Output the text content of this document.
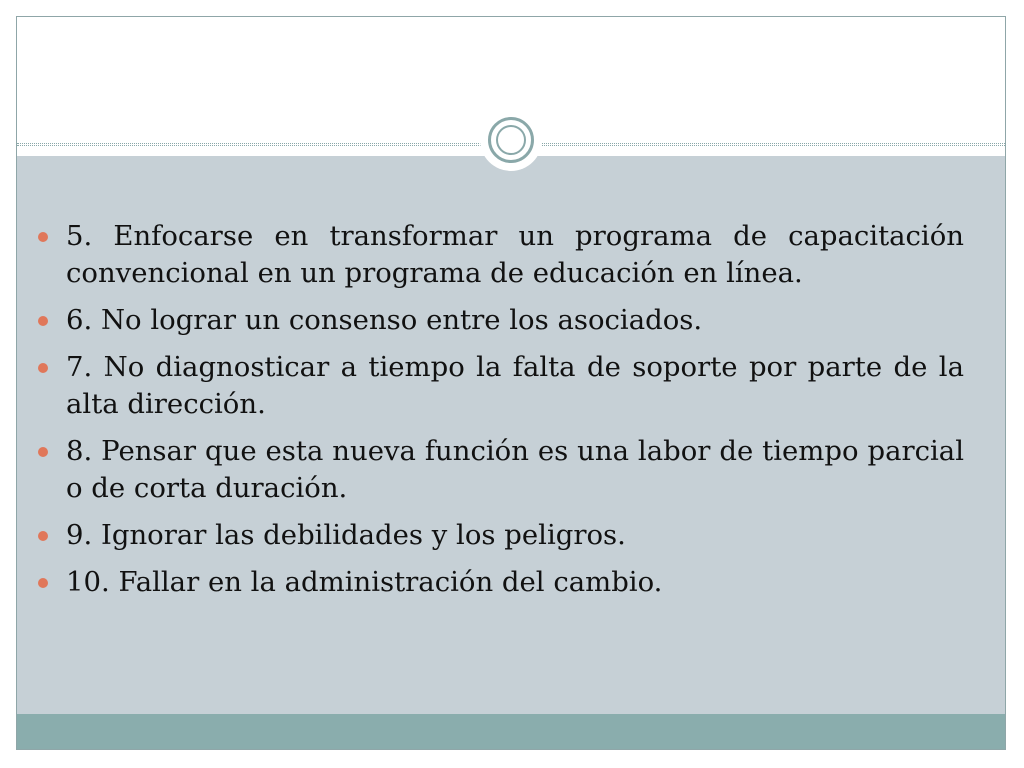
5. Enfocarse en transformar un programa de capacitación convencional en un programa de educación en línea.
6. No lograr un consenso entre los asociados.
7. No diagnosticar a tiempo la falta de soporte por parte de la alta dirección.
8. Pensar que esta nueva función es una labor de tiempo parcial o de corta duración.
9. Ignorar las debilidades y los peligros.
10. Fallar en la administración del cambio.
